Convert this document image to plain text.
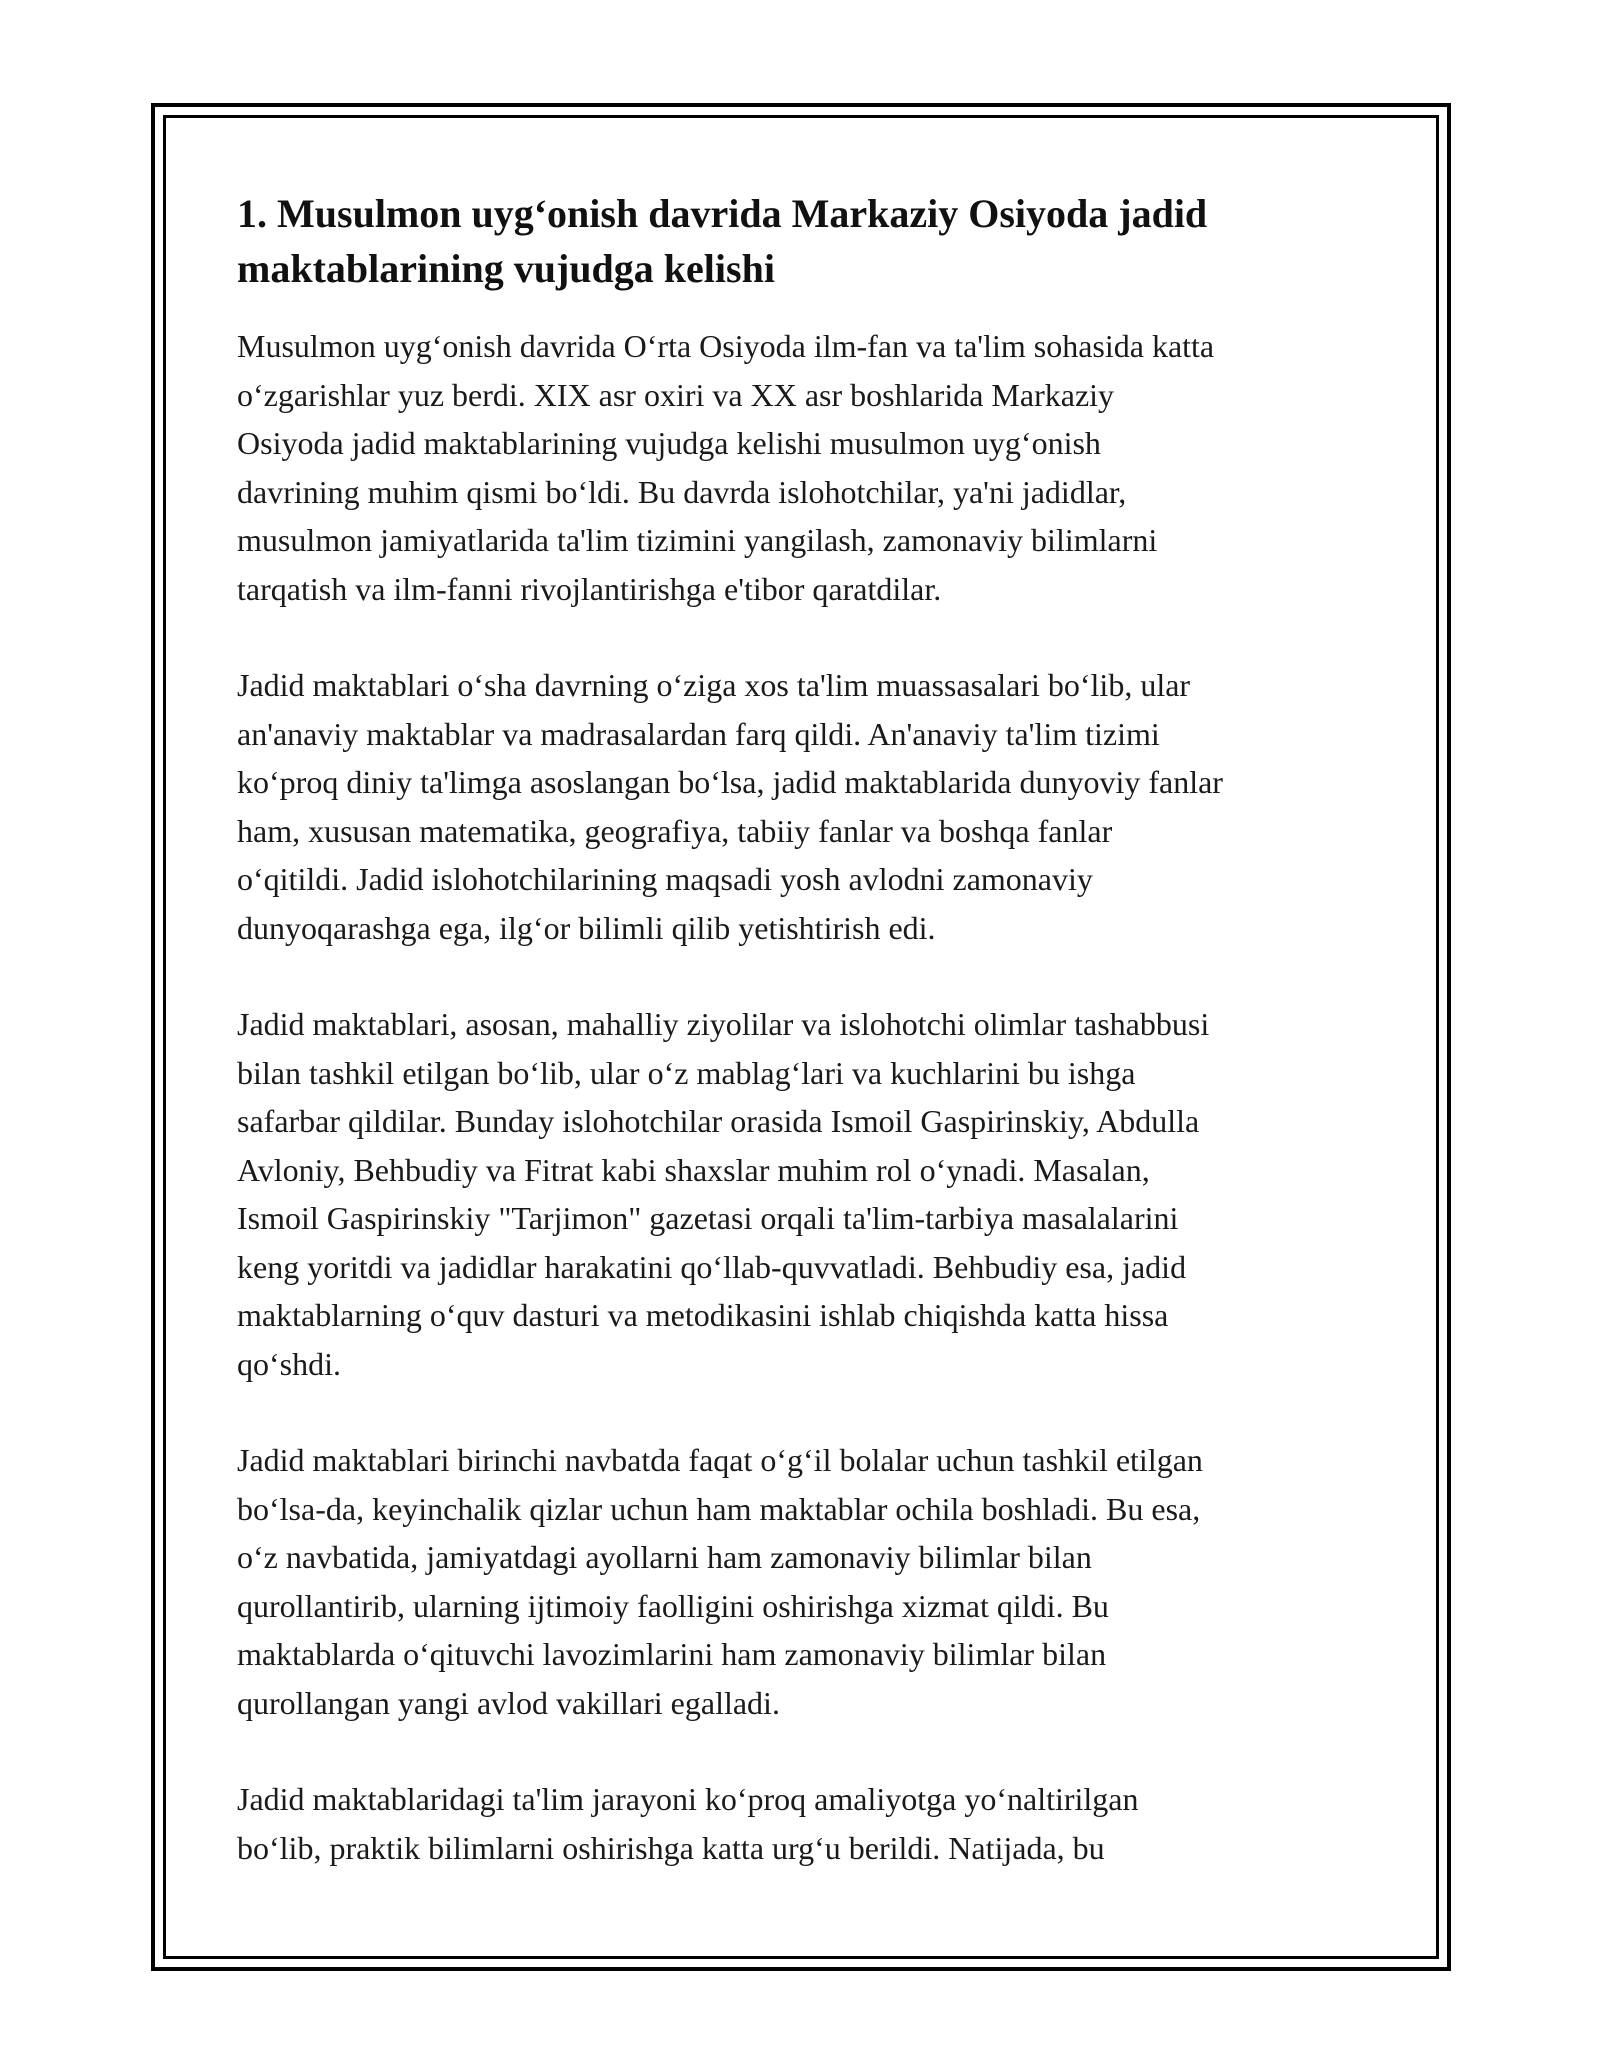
1. Musulmon uyg‘onish davrida Markaziy Osiyoda jadid
maktablarining vujudga kelishi

Musulmon uyg‘onish davrida O‘rta Osiyoda ilm-fan va ta'lim sohasida katta
o‘zgarishlar yuz berdi. XIX asr oxiri va XX asr boshlarida Markaziy
Osiyoda jadid maktablarining vujudga kelishi musulmon uyg‘onish
davrining muhim qismi bo‘ldi. Bu davrda islohotchilar, ya'ni jadidlar,
musulmon jamiyatlarida ta'lim tizimini yangilash, zamonaviy bilimlarni
tarqatish va ilm-fanni rivojlantirishga e'tibor qaratdilar.

Jadid maktablari o‘sha davrning o‘ziga xos ta'lim muassasalari bo‘lib, ular
an'anaviy maktablar va madrasalardan farq qildi. An'anaviy ta'lim tizimi
ko‘proq diniy ta'limga asoslangan bo‘lsa, jadid maktablarida dunyoviy fanlar
ham, xususan matematika, geografiya, tabiiy fanlar va boshqa fanlar
o‘qitildi. Jadid islohotchilarining maqsadi yosh avlodni zamonaviy
dunyoqarashga ega, ilg‘or bilimli qilib yetishtirish edi.

Jadid maktablari, asosan, mahalliy ziyolilar va islohotchi olimlar tashabbusi
bilan tashkil etilgan bo‘lib, ular o‘z mablag‘lari va kuchlarini bu ishga
safarbar qildilar. Bunday islohotchilar orasida Ismoil Gaspirinskiy, Abdulla
Avloniy, Behbudiy va Fitrat kabi shaxslar muhim rol o‘ynadi. Masalan,
Ismoil Gaspirinskiy "Tarjimon" gazetasi orqali ta'lim-tarbiya masalalarini
keng yoritdi va jadidlar harakatini qo‘llab-quvvatladi. Behbudiy esa, jadid
maktablarning o‘quv dasturi va metodikasini ishlab chiqishda katta hissa
qo‘shdi.

Jadid maktablari birinchi navbatda faqat o‘g‘il bolalar uchun tashkil etilgan
bo‘lsa-da, keyinchalik qizlar uchun ham maktablar ochila boshladi. Bu esa,
o‘z navbatida, jamiyatdagi ayollarni ham zamonaviy bilimlar bilan
qurollantirib, ularning ijtimoiy faolligini oshirishga xizmat qildi. Bu
maktablarda o‘qituvchi lavozimlarini ham zamonaviy bilimlar bilan
qurollangan yangi avlod vakillari egalladi.

Jadid maktablaridagi ta'lim jarayoni ko‘proq amaliyotga yo‘naltirilgan
bo‘lib, praktik bilimlarni oshirishga katta urg‘u berildi. Natijada, bu
